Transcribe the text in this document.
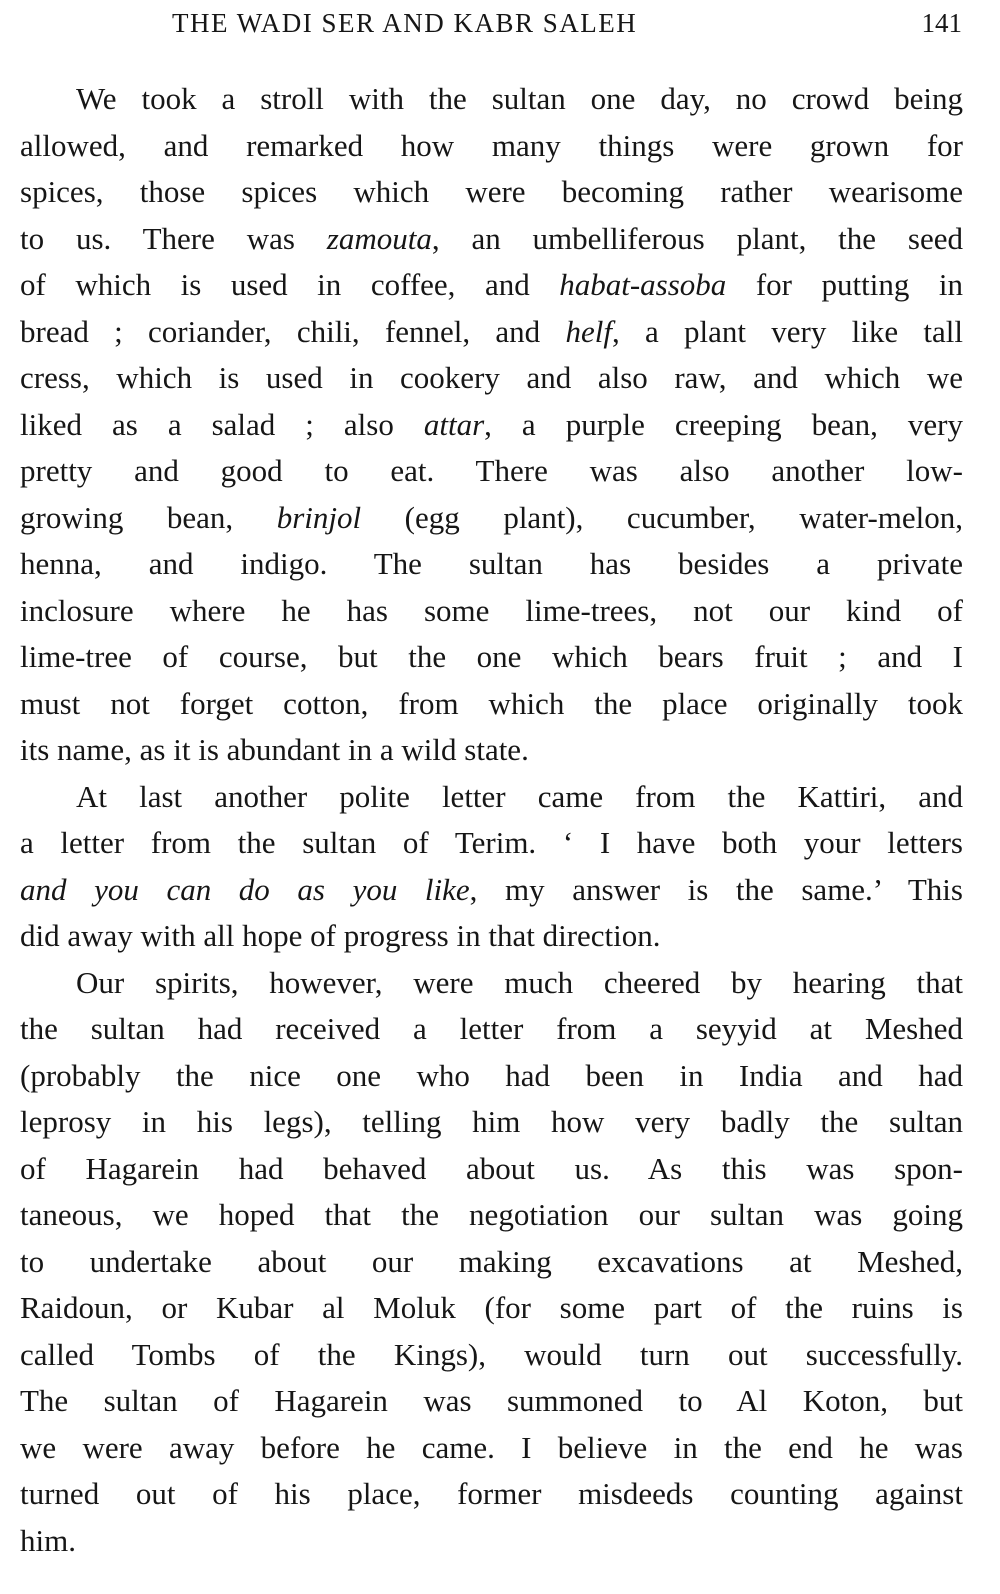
THE WADI SER AND KABR SALEH	141
We took a stroll with the sultan one day, no crowd being
allowed, and remarked how many things were grown for
spices, those spices which were becoming rather wearisome
to us. There was zamouta, an umbelliferous plant, the seed
of which is used in coffee, and habat-assoba for putting in
bread ; coriander, chili, fennel, and helf, a plant very like tall
cress, which is used in cookery and also raw, and which we
liked as a salad ; also attar, a purple creeping bean, very
pretty and good to eat. There was also another low-
growing bean, brinjol (egg plant), cucumber, water-melon,
henna, and indigo. The sultan has besides a private
inclosure where he has some lime-trees, not our kind of
lime-tree of course, but the one which bears fruit ; and I
must not forget cotton, from which the place originally took
its name, as it is abundant in a wild state.
At last another polite letter came from the Kattiri, and
a letter from the sultan of Terim. ‘ I have both your letters
and you can do as you like, my answer is the same.’ This
did away with all hope of progress in that direction.
Our spirits, however, were much cheered by hearing that
the sultan had received a letter from a seyyid at Meshed
(probably the nice one who had been in India and had
leprosy in his legs), telling him how very badly the sultan
of Hagarein had behaved about us. As this was spon-
taneous, we hoped that the negotiation our sultan was going
to undertake about our making excavations at Meshed,
Raidoun, or Kubar al Moluk (for some part of the ruins is
called Tombs of the Kings), would turn out successfully.
The sultan of Hagarein was summoned to Al Koton, but
we were away before he came. I believe in the end he was
turned out of his place, former misdeeds counting against
him.
